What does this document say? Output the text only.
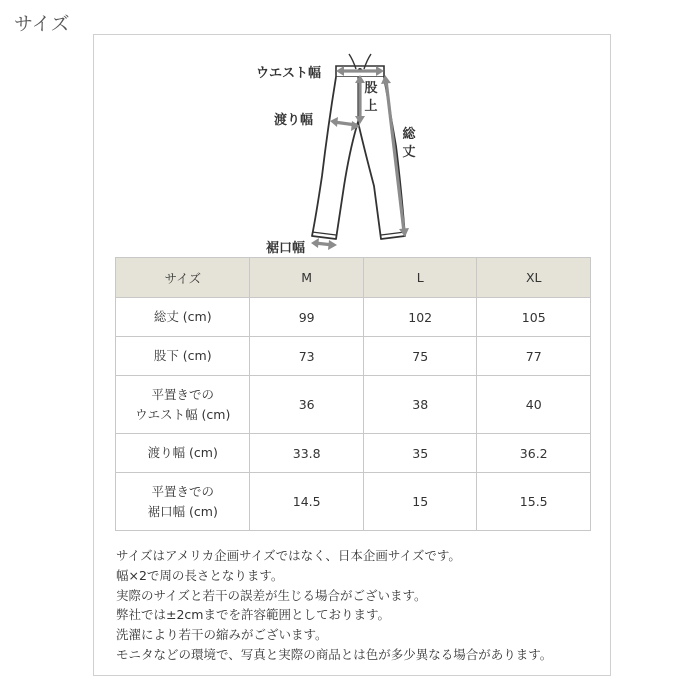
サイズ
ウエスト幅
渡り幅
裾口幅
股上
総丈
サイズ	M	L	XL

総丈 (cm)	99	102	105

股下 (cm)	73	75	77

平置きでの
ウエスト幅 (cm)	36	38	40

渡り幅 (cm)	33.8	35	36.2

平置きでの
裾口幅 (cm)	14.5	15	15.5
サイズはアメリカ企画サイズではなく、日本企画サイズです。
幅×2で周の長さとなります。
実際のサイズと若干の誤差が生じる場合がございます。
弊社では±2cmまでを許容範囲としております。
洗濯により若干の縮みがございます。
モニタなどの環境で、写真と実際の商品とは色が多少異なる場合があります。
